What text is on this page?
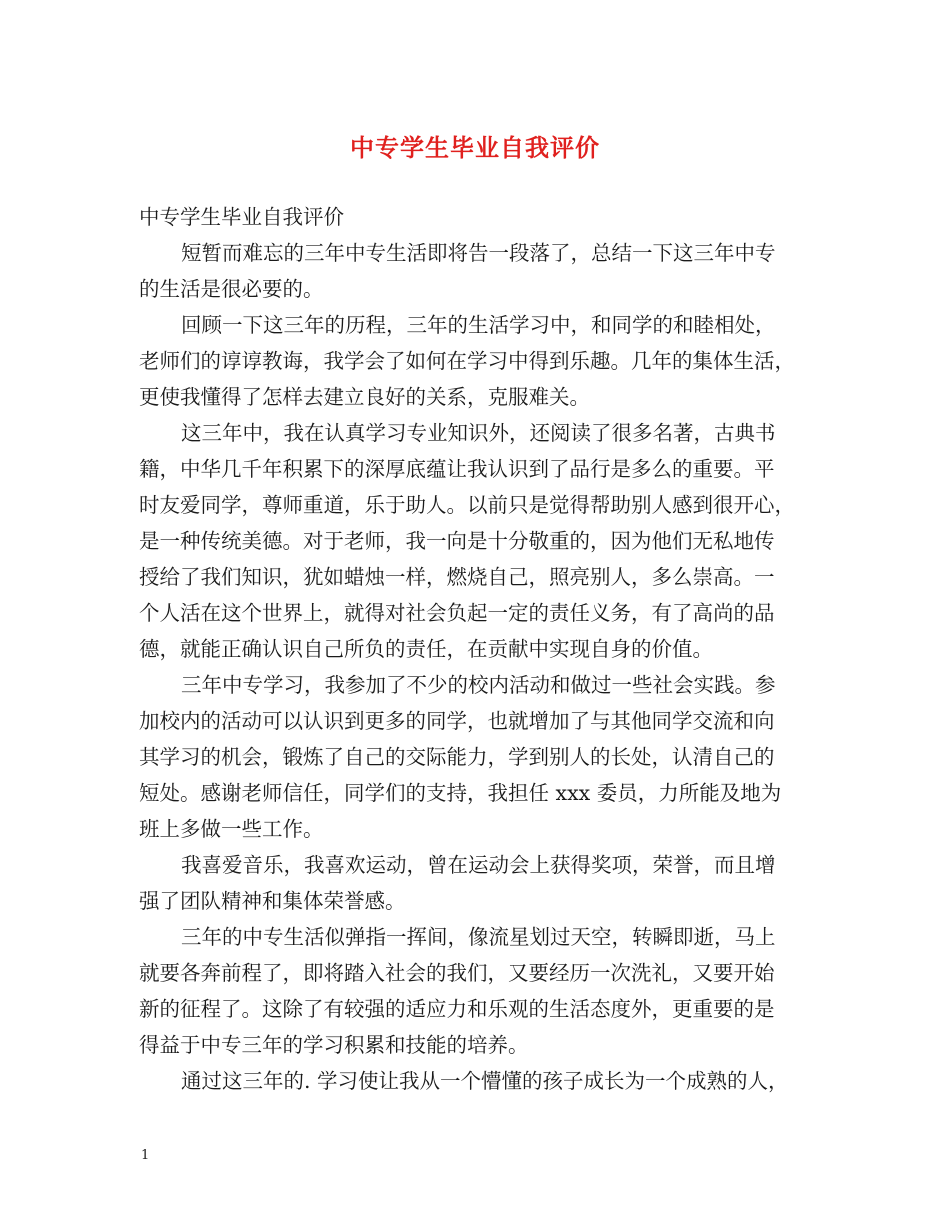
中专学生毕业自我评价
中专学生毕业自我评价
短暂而难忘的三年中专生活即将告一段落了，总结一下这三年中专
的生活是很必要的。
回顾一下这三年的历程，三年的生活学习中，和同学的和睦相处，
老师们的谆谆教诲，我学会了如何在学习中得到乐趣。几年的集体生活，
更使我懂得了怎样去建立良好的关系，克服难关。
这三年中，我在认真学习专业知识外，还阅读了很多名著，古典书
籍，中华几千年积累下的深厚底蕴让我认识到了品行是多么的重要。平
时友爱同学，尊师重道，乐于助人。以前只是觉得帮助别人感到很开心，
是一种传统美德。对于老师，我一向是十分敬重的，因为他们无私地传
授给了我们知识，犹如蜡烛一样，燃烧自己，照亮别人，多么崇高。一
个人活在这个世界上，就得对社会负起一定的责任义务，有了高尚的品
德，就能正确认识自己所负的责任，在贡献中实现自身的价值。
三年中专学习，我参加了不少的校内活动和做过一些社会实践。参
加校内的活动可以认识到更多的同学，也就增加了与其他同学交流和向
其学习的机会，锻炼了自己的交际能力，学到别人的长处，认清自己的
短处。感谢老师信任，同学们的支持，我担任 xxx 委员，力所能及地为
班上多做一些工作。
我喜爱音乐，我喜欢运动，曾在运动会上获得奖项，荣誉，而且增
强了团队精神和集体荣誉感。
三年的中专生活似弹指一挥间，像流星划过天空，转瞬即逝，马上
就要各奔前程了，即将踏入社会的我们，又要经历一次洗礼，又要开始
新的征程了。这除了有较强的适应力和乐观的生活态度外，更重要的是
得益于中专三年的学习积累和技能的培养。
通过这三年的. 学习使让我从一个懵懂的孩子成长为一个成熟的人，
1
